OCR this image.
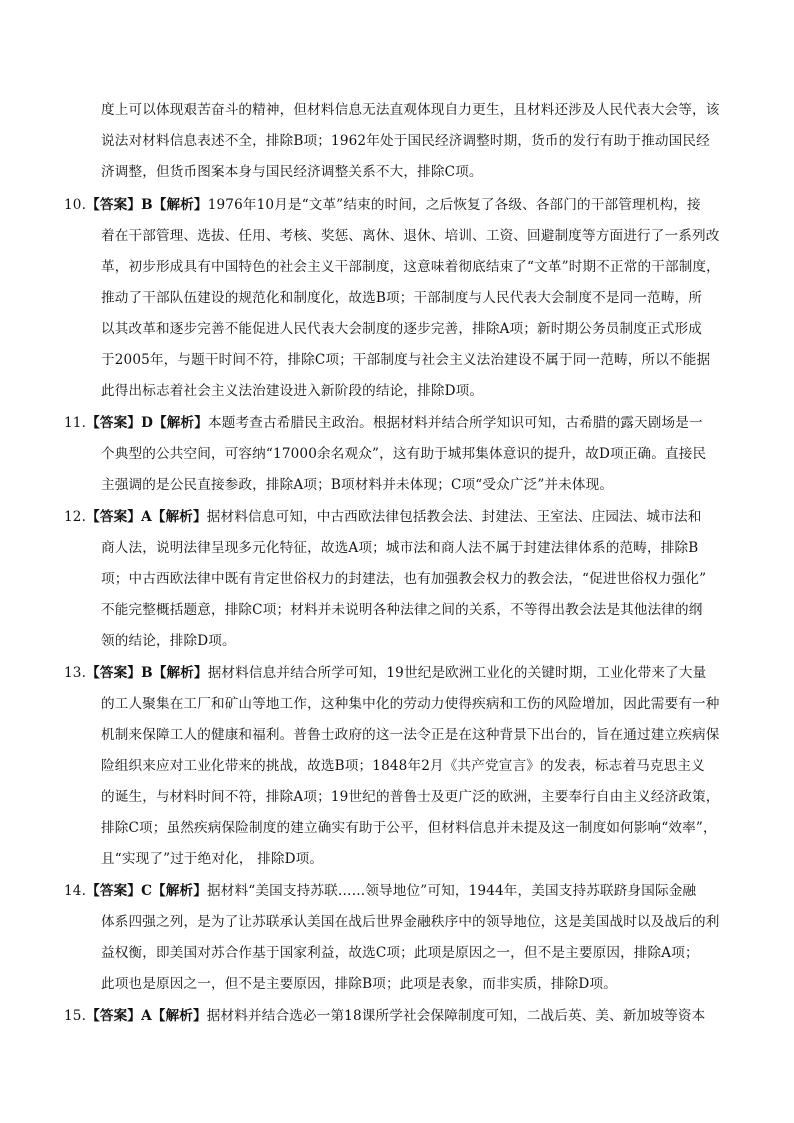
度上可以体现艰苦奋斗的精神，但材料信息无法直观体现自力更生，且材料还涉及人民代表大会等，该
说法对材料信息表述不全，排除B项；1962年处于国民经济调整时期，货币的发行有助于推动国民经
济调整，但货币图案本身与国民经济调整关系不大，排除C项。
10.【答案】B【解析】1976年10月是“文革”结束的时间，之后恢复了各级、各部门的干部管理机构，接
着在干部管理、选拔、任用、考核、奖惩、离休、退休、培训、工资、回避制度等方面进行了一系列改
革，初步形成具有中国特色的社会主义干部制度，这意味着彻底结束了“文革”时期不正常的干部制度，
推动了干部队伍建设的规范化和制度化，故选B项；干部制度与人民代表大会制度不是同一范畴，所
以其改革和逐步完善不能促进人民代表大会制度的逐步完善，排除A项；新时期公务员制度正式形成
于2005年，与题干时间不符，排除C项；干部制度与社会主义法治建设不属于同一范畴，所以不能据
此得出标志着社会主义法治建设进入新阶段的结论，排除D项。
11.【答案】D【解析】本题考查古希腊民主政治。根据材料并结合所学知识可知，古希腊的露天剧场是一
个典型的公共空间，可容纳“17000余名观众”，这有助于城邦集体意识的提升，故D项正确。直接民
主强调的是公民直接参政，排除A项；B项材料并未体现；C项“受众广泛”并未体现。
12.【答案】A【解析】据材料信息可知，中古西欧法律包括教会法、封建法、王室法、庄园法、城市法和
商人法，说明法律呈现多元化特征，故选A项；城市法和商人法不属于封建法律体系的范畴，排除B
项；中古西欧法律中既有肯定世俗权力的封建法，也有加强教会权力的教会法，“促进世俗权力强化”
不能完整概括题意，排除C项；材料并未说明各种法律之间的关系，不等得出教会法是其他法律的纲
领的结论，排除D项。
13.【答案】B【解析】据材料信息并结合所学可知，19世纪是欧洲工业化的关键时期，工业化带来了大量
的工人聚集在工厂和矿山等地工作，这种集中化的劳动力使得疾病和工伤的风险增加，因此需要有一种
机制来保障工人的健康和福利。普鲁士政府的这一法令正是在这种背景下出台的，旨在通过建立疾病保
险组织来应对工业化带来的挑战，故选B项；1848年2月《共产党宣言》的发表，标志着马克思主义
的诞生，与材料时间不符，排除A项；19世纪的普鲁士及更广泛的欧洲，主要奉行自由主义经济政策，
排除C项；虽然疾病保险制度的建立确实有助于公平，但材料信息并未提及这一制度如何影响“效率”，
且“实现了”过于绝对化， 排除D项。
14.【答案】C【解析】据材料“美国支持苏联……领导地位”可知，1944年，美国支持苏联跻身国际金融
体系四强之列，是为了让苏联承认美国在战后世界金融秩序中的领导地位，这是美国战时以及战后的利
益权衡，即美国对苏合作基于国家利益，故选C项；此项是原因之一，但不是主要原因，排除A项；
此项也是原因之一，但不是主要原因，排除B项；此项是表象，而非实质，排除D项。
15.【答案】A【解析】据材料并结合选必一第18课所学社会保障制度可知，二战后英、美、新加坡等资本
